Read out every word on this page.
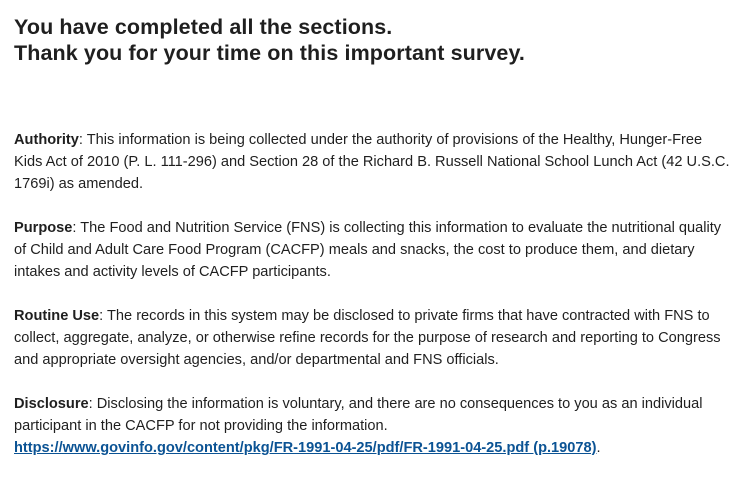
You have completed all the sections.
Thank you for your time on this important survey.

Authority: This information is being collected under the authority of provisions of the Healthy, Hunger-Free Kids Act of 2010 (P. L. 111-296) and Section 28 of the Richard B. Russell National School Lunch Act (42 U.S.C. 1769i) as amended.

Purpose: The Food and Nutrition Service (FNS) is collecting this information to evaluate the nutritional quality of Child and Adult Care Food Program (CACFP) meals and snacks, the cost to produce them, and dietary intakes and activity levels of CACFP participants.

Routine Use: The records in this system may be disclosed to private firms that have contracted with FNS to collect, aggregate, analyze, or otherwise refine records for the purpose of research and reporting to Congress and appropriate oversight agencies, and/or departmental and FNS officials.

Disclosure: Disclosing the information is voluntary, and there are no consequences to you as an individual participant in the CACFP for not providing the information.
https://www.govinfo.gov/content/pkg/FR-1991-04-25/pdf/FR-1991-04-25.pdf (p.19078).
